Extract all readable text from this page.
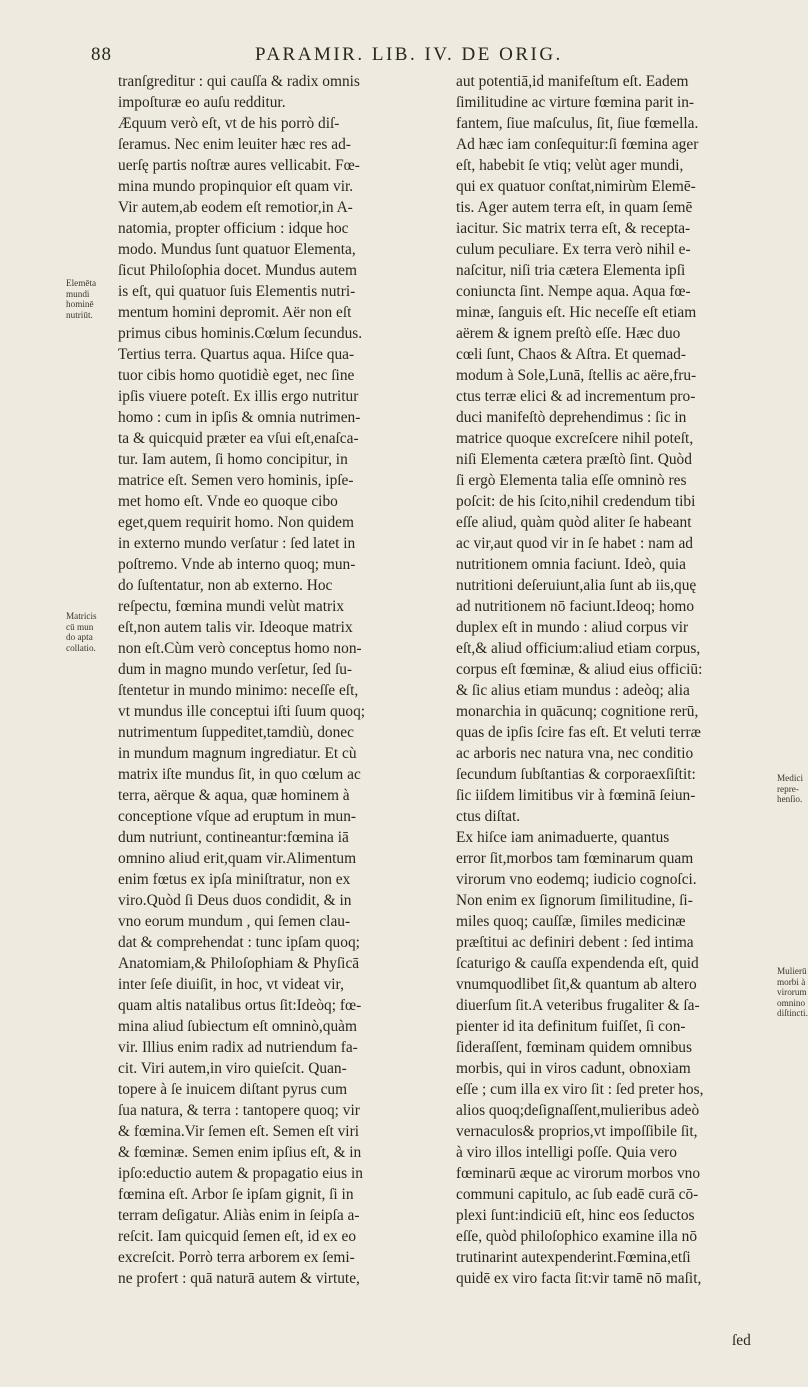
88	PARAMIR. LIB. IV. DE ORIG.
tranſgreditur : qui cauſſa & radix omnis
impoſturæ eo auſu redditur.
Æquum verò eſt, vt de his porrò diſ-
ſeramus. Nec enim leuiter hæc res ad-
uerſę partis noſtræ aures vellicabit. Fœ-
mina mundo propinquior eſt quam vir.
Vir autem,ab eodem eſt remotior,in A-
natomia, propter officium : idque hoc
modo. Mundus ſunt quatuor Elementa,
ſicut Philoſophia docet. Mundus autem
is eſt, qui quatuor ſuis Elementis nutri-
mentum homini depromit. Aër non eſt
primus cibus hominis.Cœlum ſecundus.
Tertius terra. Quartus aqua. Hiſce qua-
tuor cibis homo quotidiè eget, nec ſine
ipſis viuere poteſt. Ex illis ergo nutritur
homo : cum in ipſis & omnia nutrimen-
ta & quicquid præter ea vſui eſt,enaſca-
tur. Iam autem, ſi homo concipitur, in
matrice eſt. Semen vero hominis, ipſe-
met homo eſt. Vnde eo quoque cibo
eget,quem requirit homo. Non quidem
in externo mundo verſatur : ſed latet in
poſtremo. Vnde ab interno quoq; mun-
do ſuſtentatur, non ab externo. Hoc
reſpectu, fœmina mundi velùt matrix
eſt,non autem talis vir. Ideoque matrix
non eſt.Cùm verò conceptus homo non-
dum in magno mundo verſetur, ſed ſu-
ſtentetur in mundo minimo: neceſſe eſt,
vt mundus ille conceptui iſti ſuum quoq;
nutrimentum ſuppeditet,tamdiù, donec
in mundum magnum ingrediatur. Et cù
matrix iſte mundus ſit, in quo cœlum ac
terra, aërque & aqua, quæ hominem à
conceptione vſque ad eruptum in mun-
dum nutriunt, contineantur:fœmina iā
omnino aliud erit,quam vir.Alimentum
enim fœtus ex ipſa miniſtratur, non ex
viro.Quòd ſi Deus duos condidit, & in
vno eorum mundum , qui ſemen clau-
dat & comprehendat : tunc ipſam quoq;
Anatomiam,& Philoſophiam & Phyſicā
inter ſeſe diuiſit, in hoc, vt videat vir,
quam altis natalibus ortus ſit:Ideòq; fœ-
mina aliud ſubiectum eſt omninò,quàm
vir. Illius enim radix ad nutriendum fa-
cit. Viri autem,in viro quieſcit. Quan-
topere à ſe inuicem diſtant pyrus cum
ſua natura, & terra : tantopere quoq; vir
& fœmina.Vir ſemen eſt. Semen eſt viri
& fœminæ. Semen enim ipſius eſt, & in
ipſo:eductio autem & propagatio eius in
fœmina eſt. Arbor ſe ipſam gignit, ſi in
terram deſigatur. Aliàs enim in ſeipſa a-
reſcit. Iam quicquid ſemen eſt, id ex eo
excreſcit. Porrò terra arborem ex ſemi-
ne profert : quā naturā autem & virtute,
aut potentiā,id manifeſtum eſt. Eadem
ſimilitudine ac virture fœmina parit in-
fantem, ſiue maſculus, ſit, ſiue fœmella.
Ad hæc iam conſequitur:ſi fœmina ager
eſt, habebit ſe vtiq; velùt ager mundi,
qui ex quatuor conſtat,nimirùm Elemē-
tis. Ager autem terra eſt, in quam ſemē
iacitur. Sic matrix terra eſt, & recepta-
culum peculiare. Ex terra verò nihil e-
naſcitur, niſi tria cætera Elementa ipſi
coniuncta ſint. Nempe aqua. Aqua fœ-
minæ, ſanguis eſt. Hic neceſſe eſt etiam
aërem & ignem preſtò eſſe. Hæc duo
cœli ſunt, Chaos & Aſtra. Et quemad-
modum à Sole,Lunā, ſtellis ac aëre,fru-
ctus terræ elici & ad incrementum pro-
duci manifeſtò deprehendimus : ſic in
matrice quoque excreſcere nihil poteſt,
niſi Elementa cætera præſtò ſint. Quòd
ſi ergò Elementa talia eſſe omninò res
poſcit: de his ſcito,nihil credendum tibi
eſſe aliud, quàm quòd aliter ſe habeant
ac vir,aut quod vir in ſe habet : nam ad
nutritionem omnia faciunt. Ideò, quia
nutritioni deſeruiunt,alia ſunt ab iis,quę
ad nutritionem nō faciunt.Ideoq; homo
duplex eſt in mundo : aliud corpus vir
eſt,& aliud officium:aliud etiam corpus,
corpus eſt fœminæ, & aliud eius officiū:
& ſic alius etiam mundus : adeòq; alia
monarchia in quācunq; cognitione rerū,
quas de ipſis ſcire fas eſt. Et veluti terræ
ac arboris nec natura vna, nec conditio
ſecundum ſubſtantias & corporaexſiſtit:
ſic iiſdem limitibus vir à fœminā ſeiun-
ctus diſtat.
Ex hiſce iam animaduerte, quantus
error ſit,morbos tam fœminarum quam
virorum vno eodemq; iudicio cognoſci.
Non enim ex ſignorum ſimilitudine, ſi-
miles quoq; cauſſæ, ſimiles medicinæ
præſtitui ac definiri debent : ſed intima
ſcaturigo & cauſſa expendenda eſt, quid
vnumquodlibet ſit,& quantum ab altero
diuerſum ſit.A veteribus frugaliter & ſa-
pienter id ita definitum fuiſſet, ſi con-
ſideraſſent, fœminam quidem omnibus
morbis, qui in viros cadunt, obnoxiam
eſſe ; cum illa ex viro ſit : ſed preter hos,
alios quoq;deſignaſſent,mulieribus adeò
vernaculos& proprios,vt impoſſibile ſit,
à viro illos intelligi poſſe. Quia vero
fœminarū æque ac virorum morbos vno
communi capitulo, ac ſub eadē curā cō-
plexi ſunt:indiciū eſt, hinc eos ſeductos
eſſe, quòd philoſophico examine illa nō
trutinarint autexpenderint.Fœmina,etſi
quidē ex viro facta ſit:vir tamē nō maſit,
Elemēta
mundi
hominē
nutriūt.
Matricis
cū mun
do apta
collatio.
Medici
repre-
henſio.
Mulierū
morbi à
virorum
omnino
diſtincti.
ſed
